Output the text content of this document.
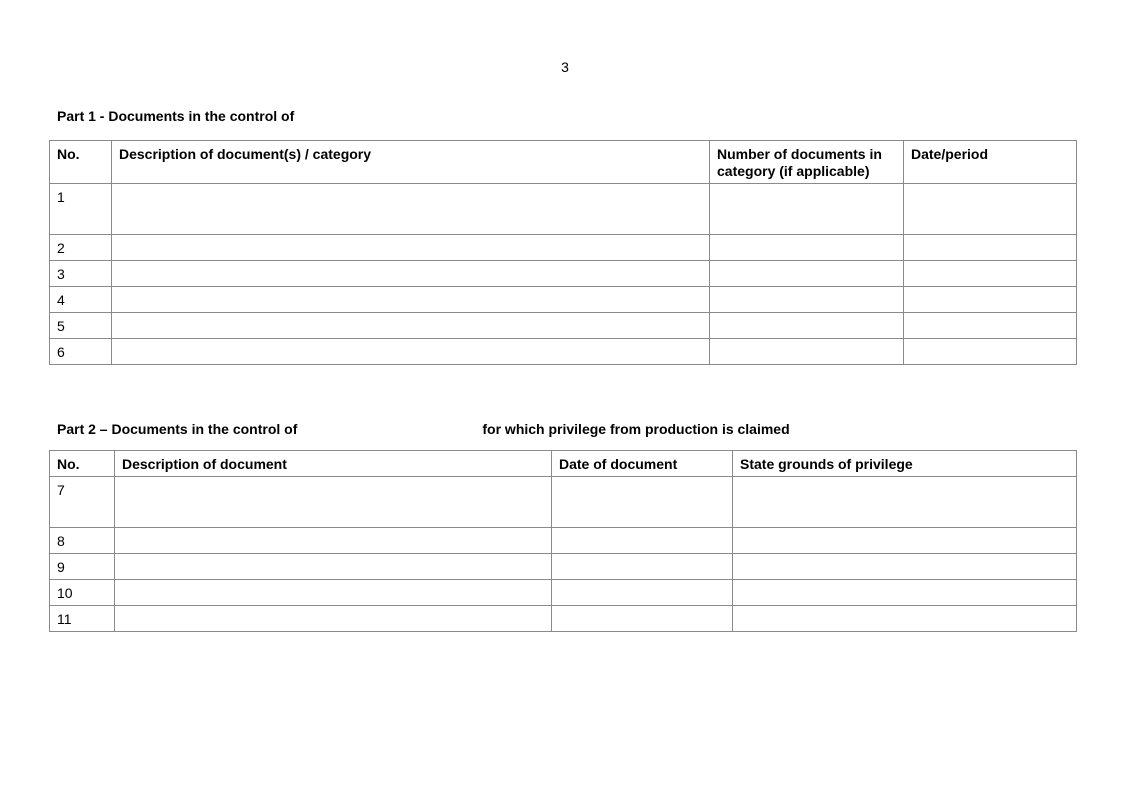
3
Part 1 - Documents in the control of
No.	Description of document(s) / category	Number of documents in category (if applicable)	Date/period
1			
2			
3			
4			
5			
6			
Part 2 – Documents in the control of	for which privilege from production is claimed
No.	Description of document	Date of document	State grounds of privilege
7			
8			
9			
10			
11			
